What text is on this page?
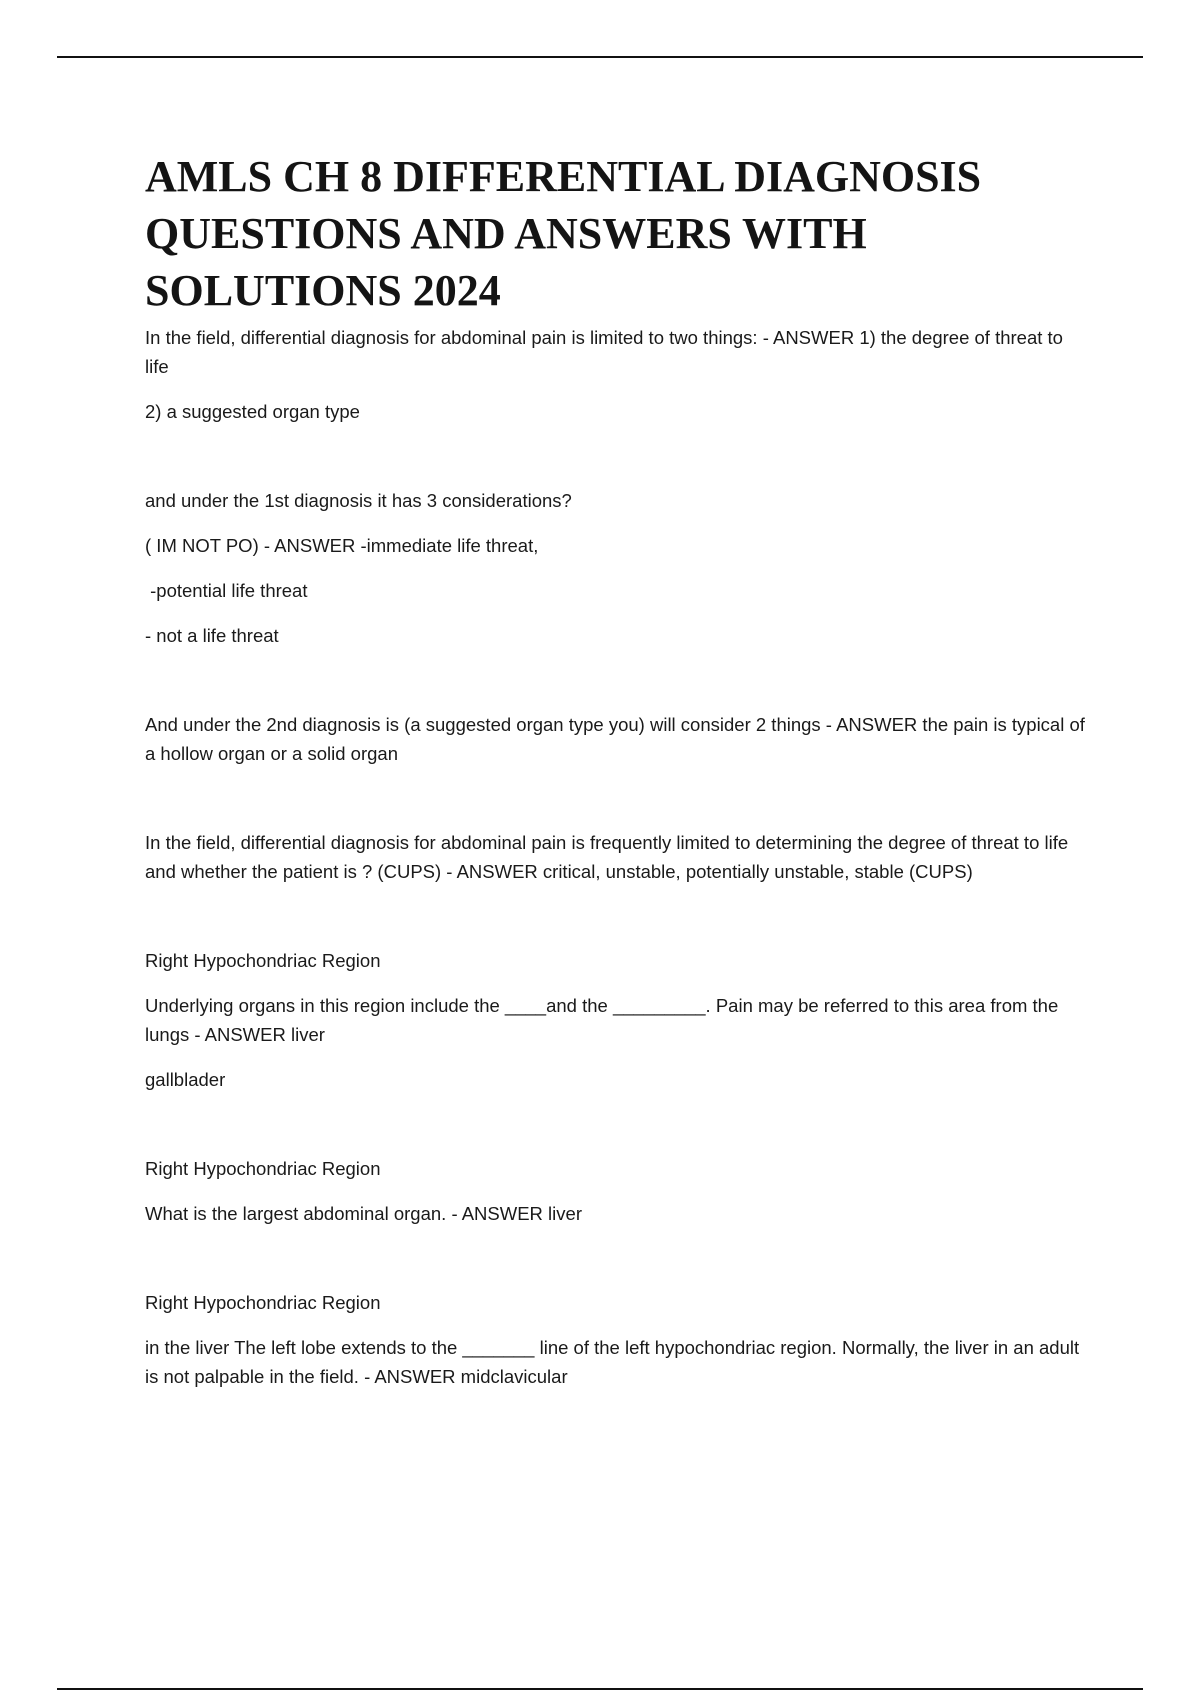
AMLS CH 8 DIFFERENTIAL DIAGNOSIS QUESTIONS AND ANSWERS WITH SOLUTIONS 2024

In the field, differential diagnosis for abdominal pain is limited to two things: - ANSWER 1) the degree of threat to life

2) a suggested organ type

and under the 1st diagnosis it has 3 considerations?

( IM NOT PO) - ANSWER -immediate life threat,

-potential life threat

- not a life threat

And under the 2nd diagnosis is (a suggested organ type you) will consider 2 things - ANSWER the pain is typical of a hollow organ or a solid organ

In the field, differential diagnosis for abdominal pain is frequently limited to determining the degree of threat to life and whether the patient is ? (CUPS) - ANSWER critical, unstable, potentially unstable, stable (CUPS)

Right Hypochondriac Region

Underlying organs in this region include the ____and the _________. Pain may be referred to this area from the lungs - ANSWER liver

gallblader

Right Hypochondriac Region

What is the largest abdominal organ. - ANSWER liver

Right Hypochondriac Region

in the liver The left lobe extends to the _______ line of the left hypochondriac region. Normally, the liver in an adult is not palpable in the field. - ANSWER midclavicular
